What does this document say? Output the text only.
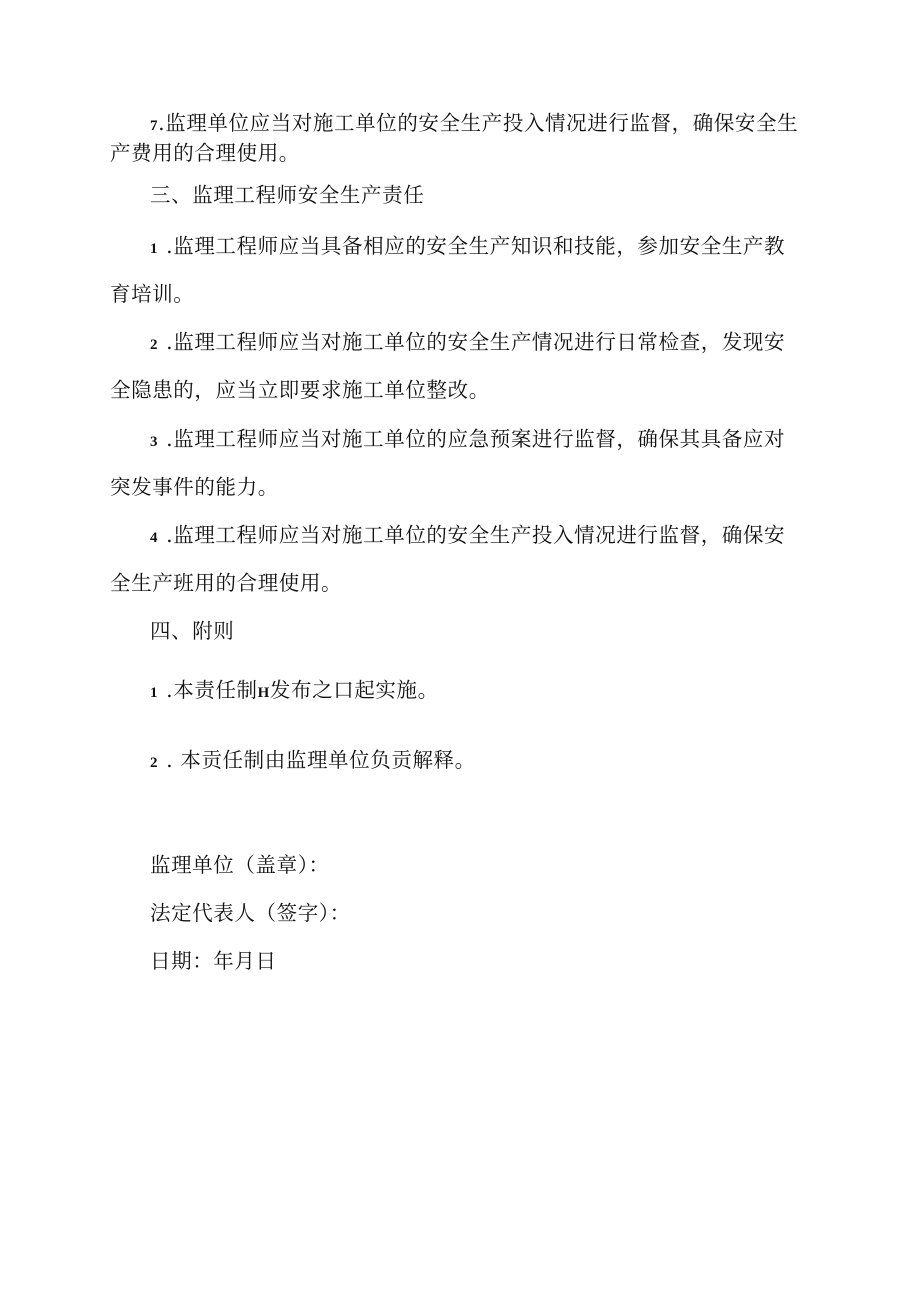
7.监理单位应当对施工单位的安全生产投入情况进行监督，确保安全生
产费用的合理使用。
三、监理工程师安全生产责任
1 .监理工程师应当具备相应的安全生产知识和技能，参加安全生产教
育培训。
2 .监理工程师应当对施工单位的安全生产情况进行日常检查，发现安
全隐患的，应当立即要求施工单位整改。
3 .监理工程师应当对施工单位的应急预案进行监督，确保其具备应对
突发事件的能力。
4 .监理工程师应当对施工单位的安全生产投入情况进行监督，确保安
全生产班用的合理使用。
四、附则
1 .本责任制H发布之口起实施。
2 . 本贡任制由监理单位负贡解释。
监理单位（盖章）：
法定代表人（签字）：
日期：年月日
